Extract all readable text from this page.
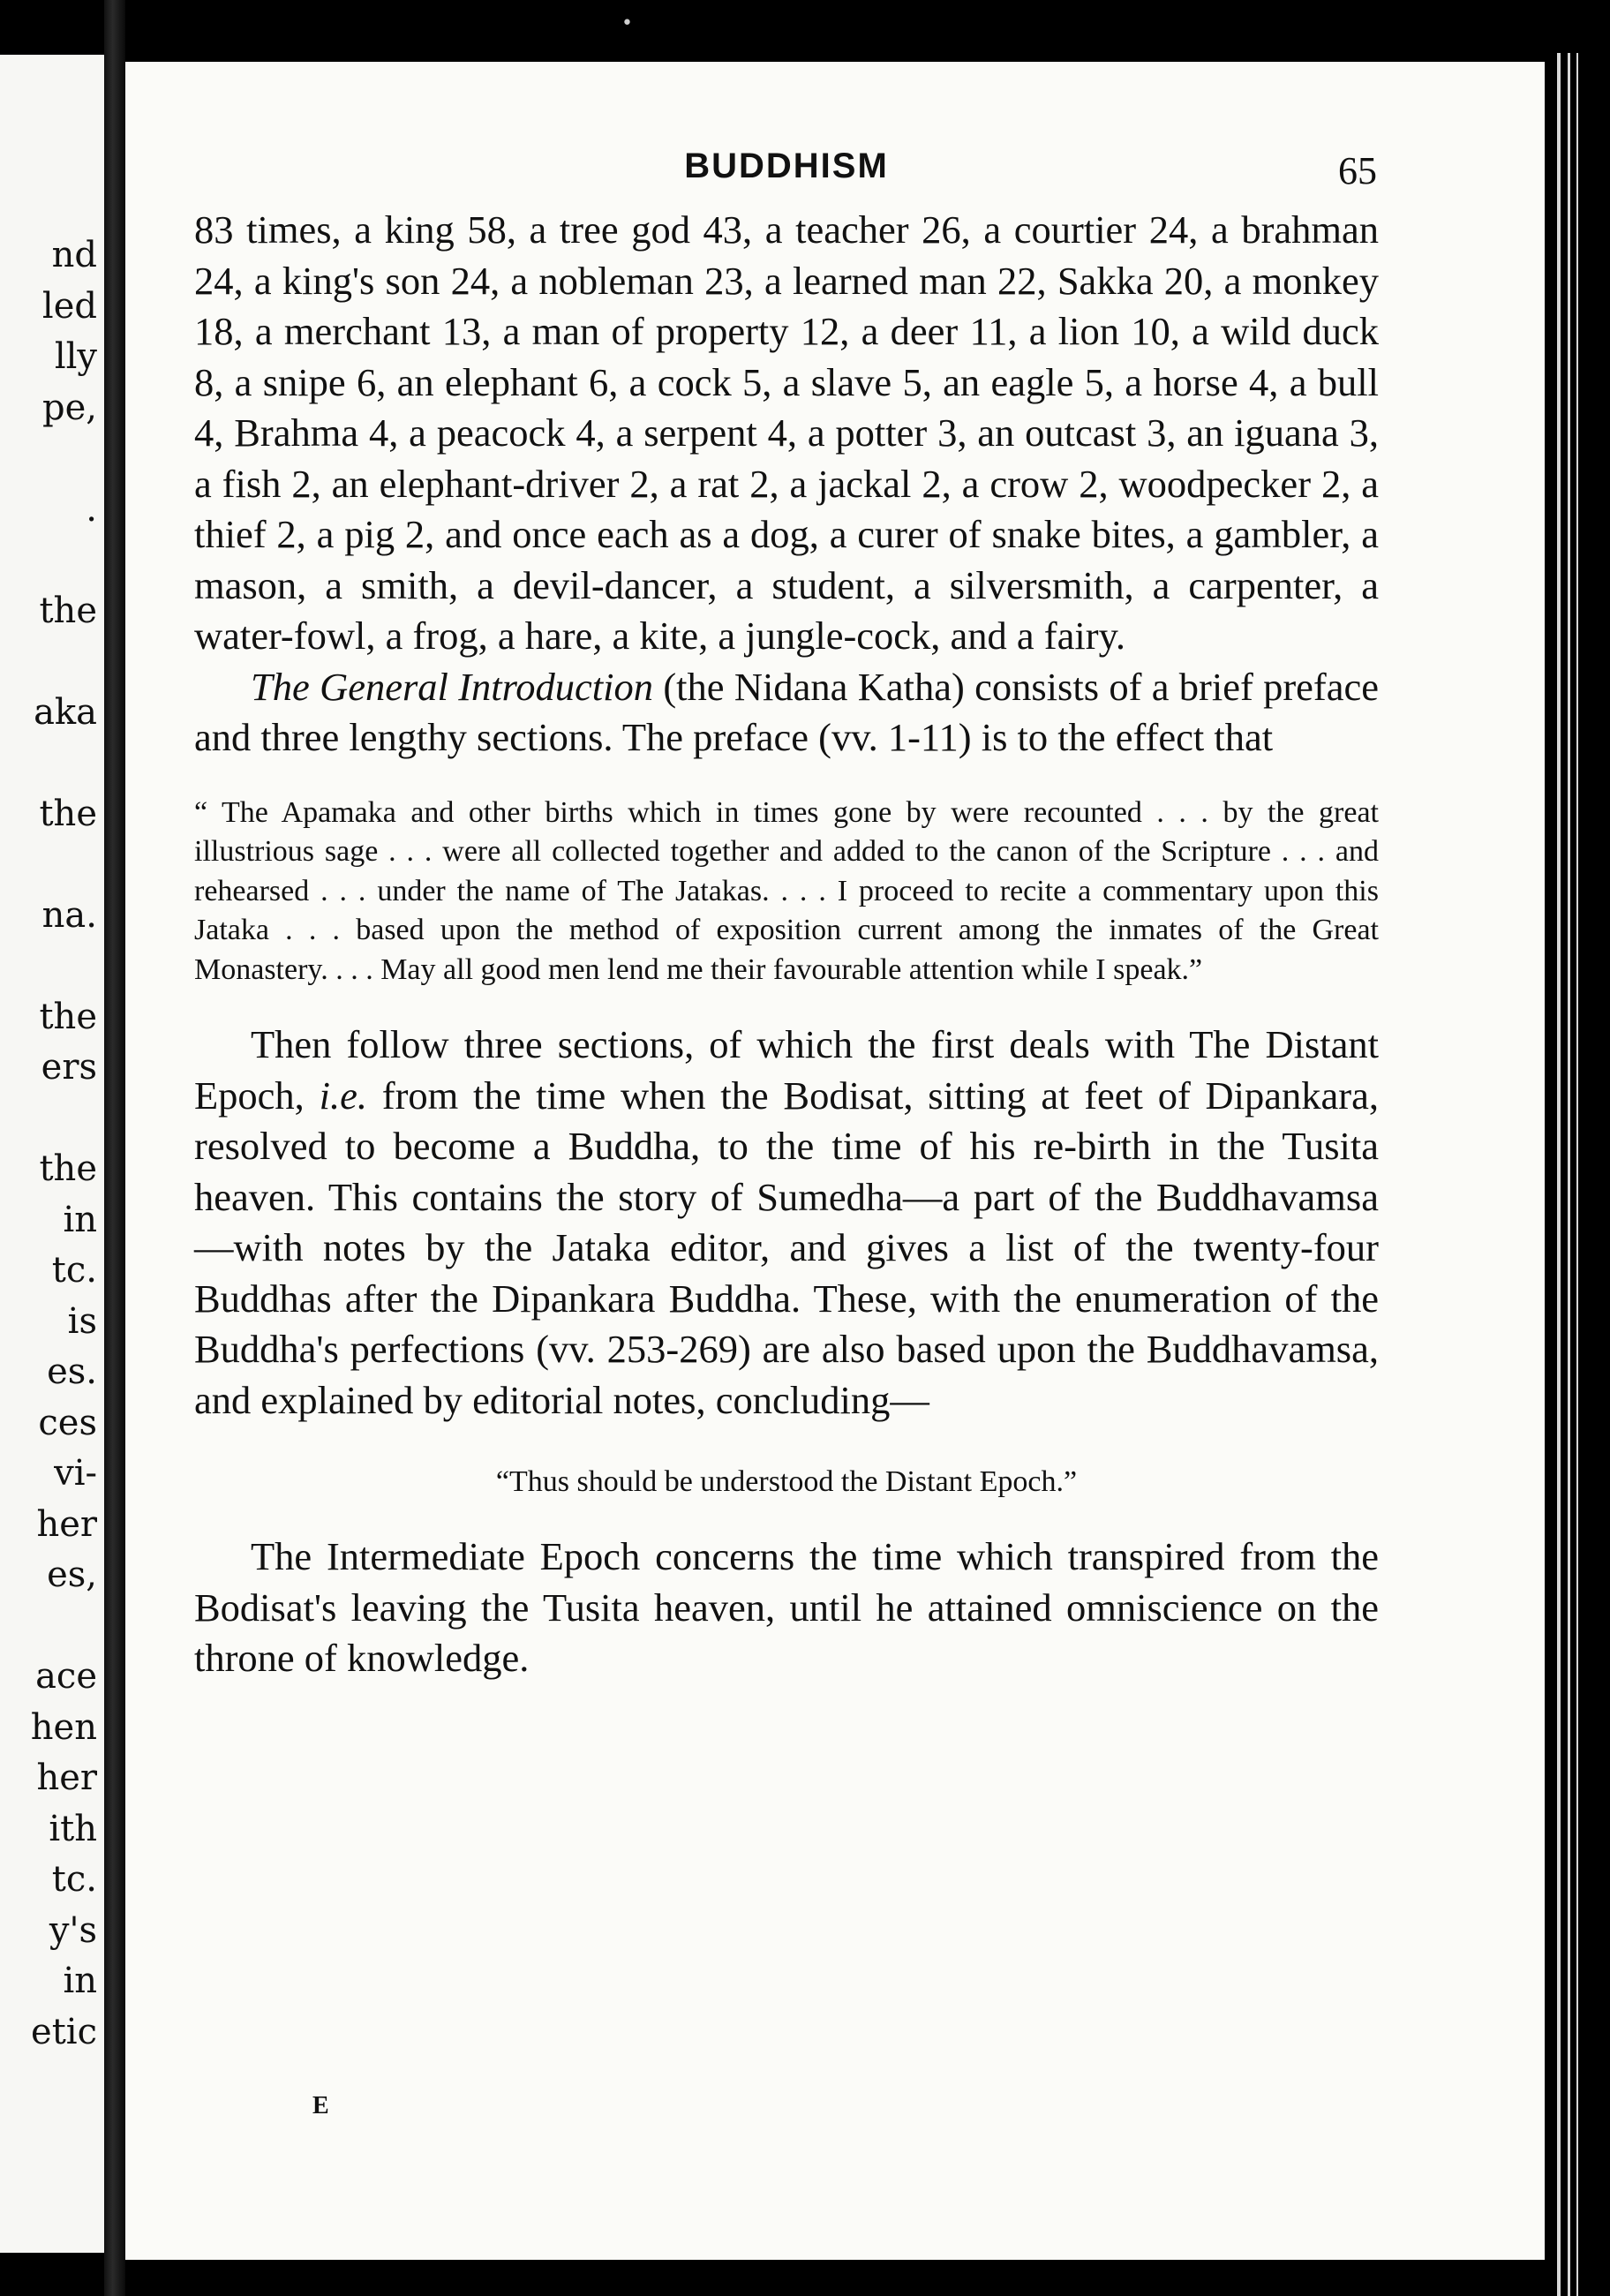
•
nd
led
lly
pe,
.
the
aka
the
na.
the
ers
the
in
tc.
is
es.
ces
vi-
her
es,
ace
hen
her
ith
tc.
y's
in
etic
BUDDHISM	65

83 times, a king 58, a tree god 43, a teacher 26, a courtier 24, a brahman 24, a king's son 24, a nobleman 23, a learned man 22, Sakka 20, a monkey 18, a merchant 13, a man of property 12, a deer 11, a lion 10, a wild duck 8, a snipe 6, an elephant 6, a cock 5, a slave 5, an eagle 5, a horse 4, a bull 4, Brahma 4, a peacock 4, a serpent 4, a potter 3, an outcast 3, an iguana 3, a fish 2, an elephant-driver 2, a rat 2, a jackal 2, a crow 2, woodpecker 2, a thief 2, a pig 2, and once each as a dog, a curer of snake bites, a gambler, a mason, a smith, a devil-dancer, a student, a silversmith, a carpenter, a water-fowl, a frog, a hare, a kite, a jungle-cock, and a fairy.

The General Introduction (the Nidana Katha) consists of a brief preface and three lengthy sections. The preface (vv. 1-11) is to the effect that

“ The Apamaka and other births which in times gone by were recounted . . . by the great illustrious sage . . . were all collected together and added to the canon of the Scripture . . . and rehearsed . . . under the name of The Jatakas. . . . I proceed to recite a commentary upon this Jataka . . . based upon the method of exposition current among the inmates of the Great Monastery. . . . May all good men lend me their favourable attention while I speak.”

Then follow three sections, of which the first deals with The Distant Epoch, i.e. from the time when the Bodisat, sitting at feet of Dipankara, resolved to become a Buddha, to the time of his re-birth in the Tusita heaven. This contains the story of Sumedha—a part of the Buddhavamsa—with notes by the Jataka editor, and gives a list of the twenty-four Buddhas after the Dipankara Buddha. These, with the enumeration of the Buddha's perfections (vv. 253-269) are also based upon the Buddhavamsa, and explained by editorial notes, concluding—

“Thus should be understood the Distant Epoch.”

The Intermediate Epoch concerns the time which transpired from the Bodisat's leaving the Tusita heaven, until he attained omniscience on the throne of knowledge.

E
